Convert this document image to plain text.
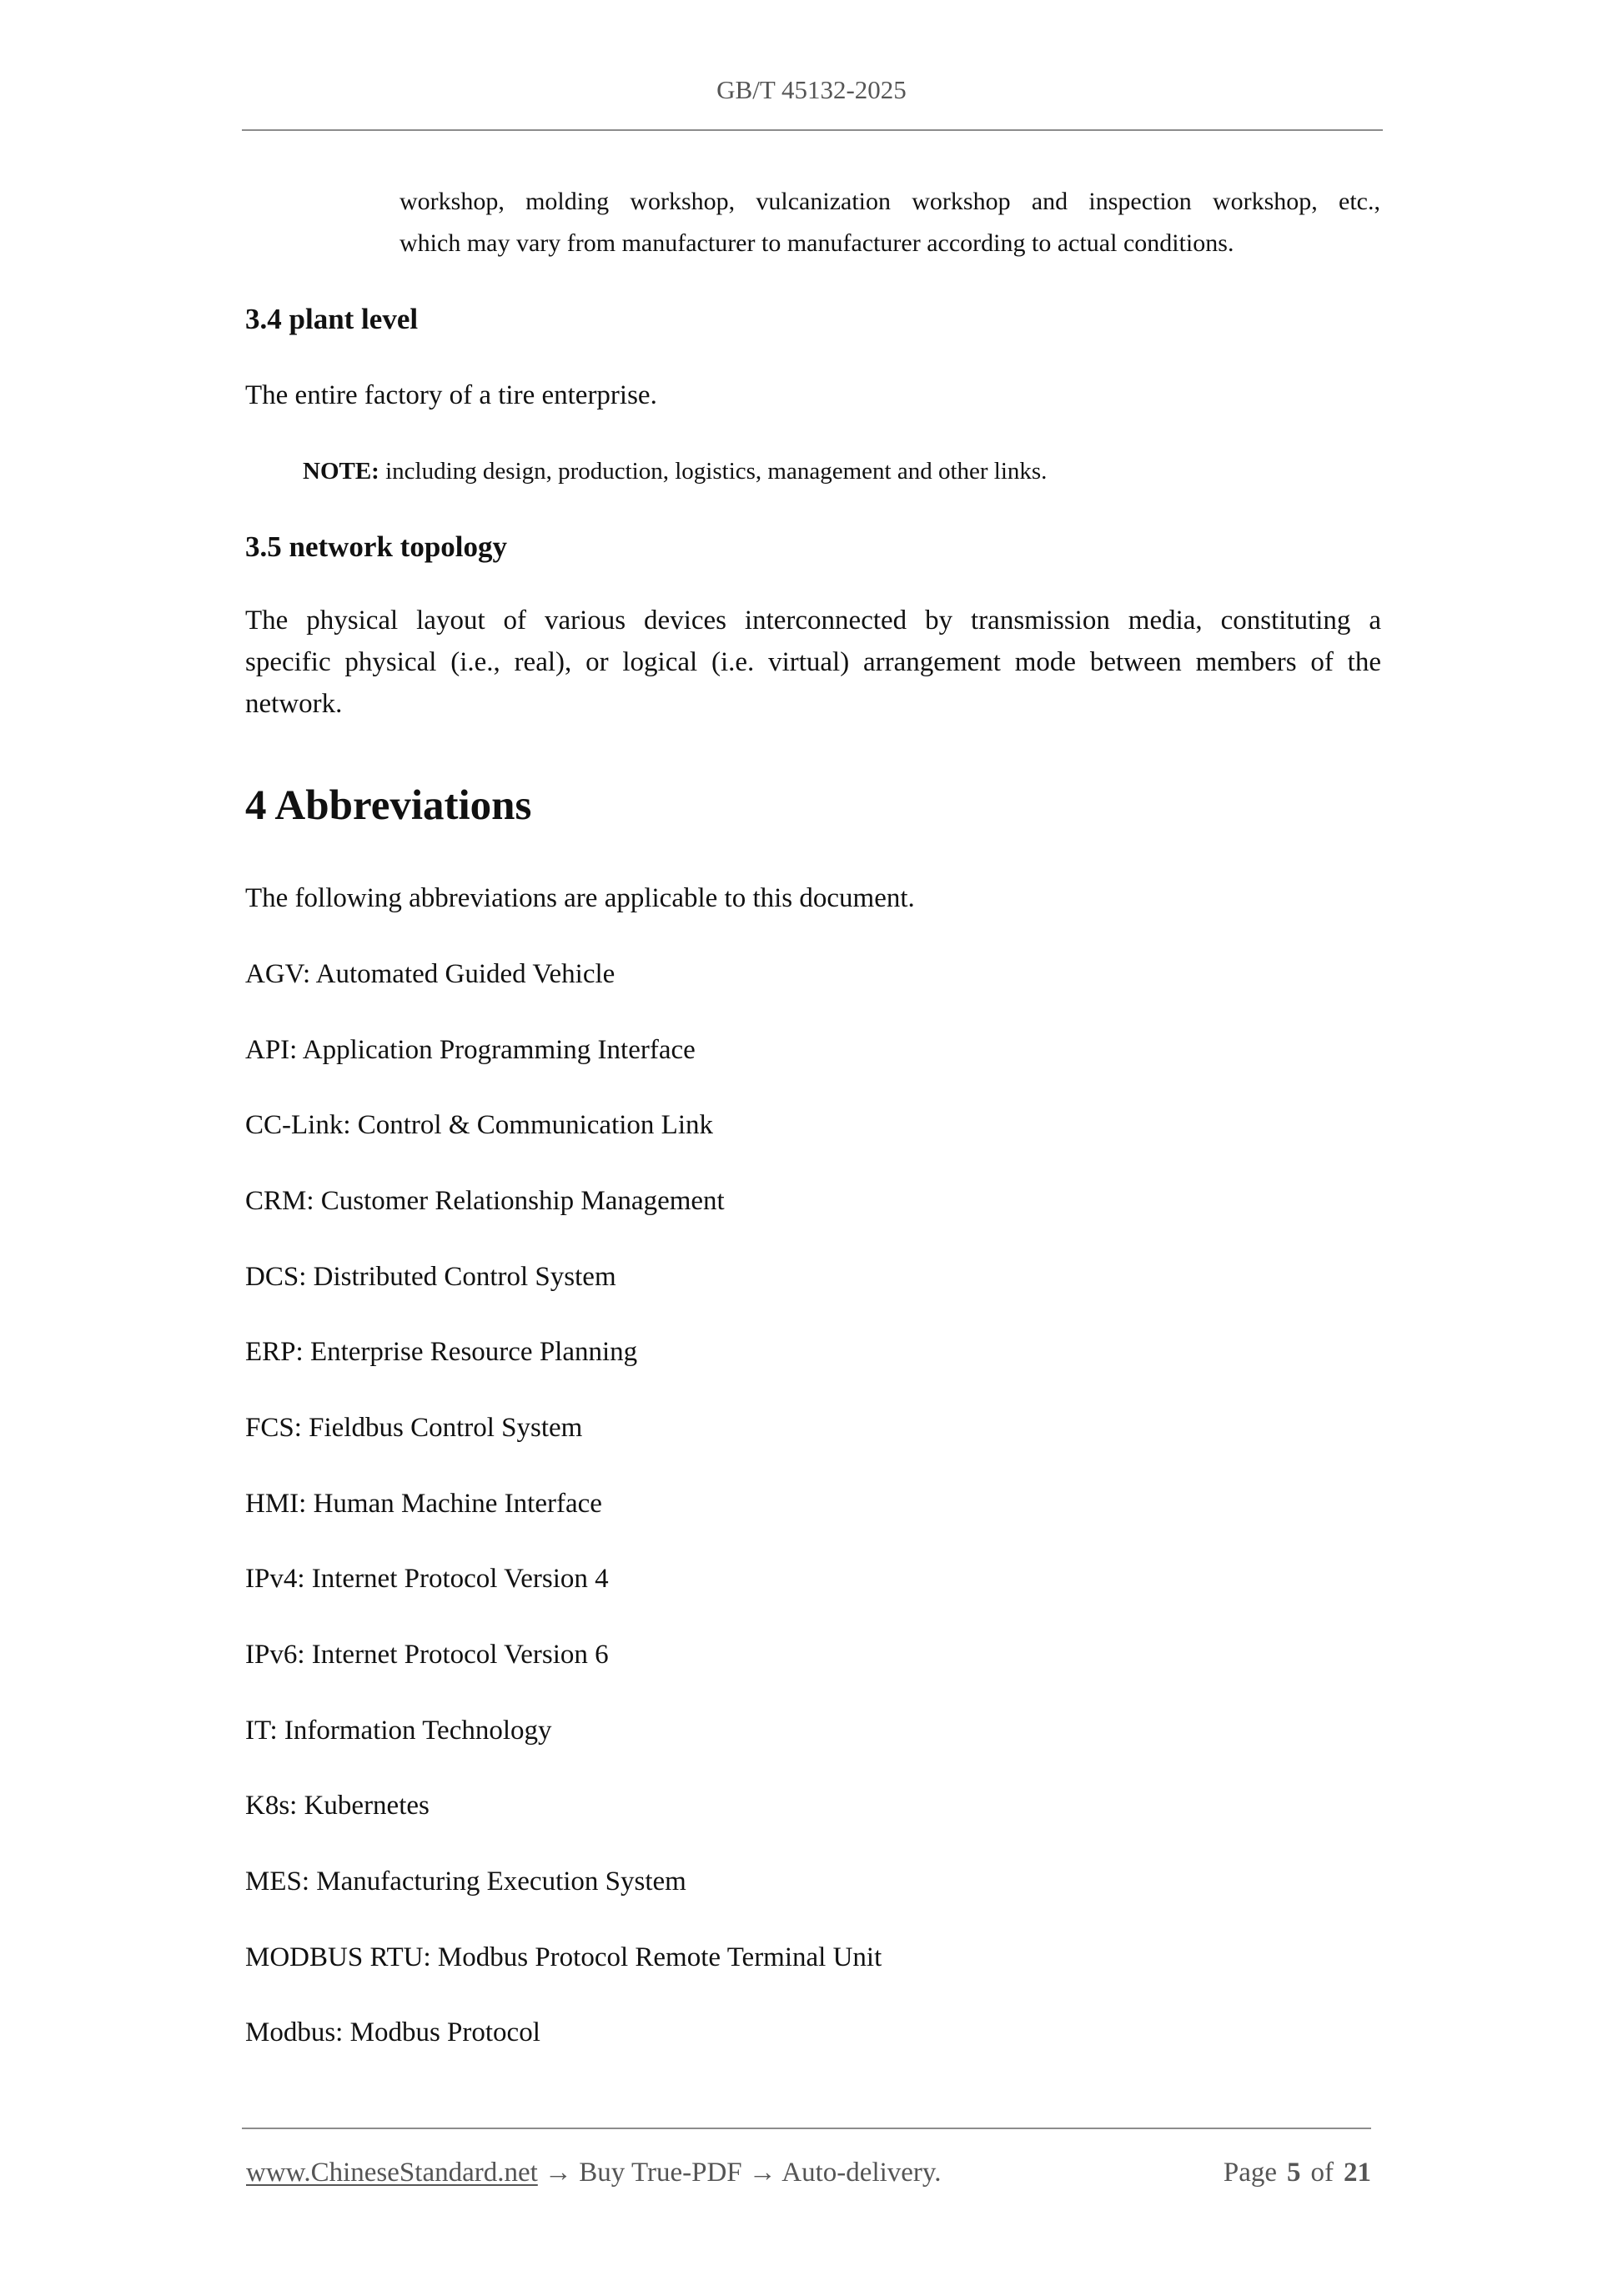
GB/T 45132-2025
workshop, molding workshop, vulcanization workshop and inspection workshop, etc.,
which may vary from manufacturer to manufacturer according to actual conditions.
3.4 plant level
The entire factory of a tire enterprise.
NOTE: including design, production, logistics, management and other links.
3.5 network topology
The physical layout of various devices interconnected by transmission media, constituting a
specific physical (i.e., real), or logical (i.e. virtual) arrangement mode between members of the
network.
4 Abbreviations
The following abbreviations are applicable to this document.
AGV: Automated Guided Vehicle
API: Application Programming Interface
CC-Link: Control & Communication Link
CRM: Customer Relationship Management
DCS: Distributed Control System
ERP: Enterprise Resource Planning
FCS: Fieldbus Control System
HMI: Human Machine Interface
IPv4: Internet Protocol Version 4
IPv6: Internet Protocol Version 6
IT: Information Technology
K8s: Kubernetes
MES: Manufacturing Execution System
MODBUS RTU: Modbus Protocol Remote Terminal Unit
Modbus: Modbus Protocol
www.ChineseStandard.net → Buy True-PDF → Auto-delivery.	Page 5 of 21
